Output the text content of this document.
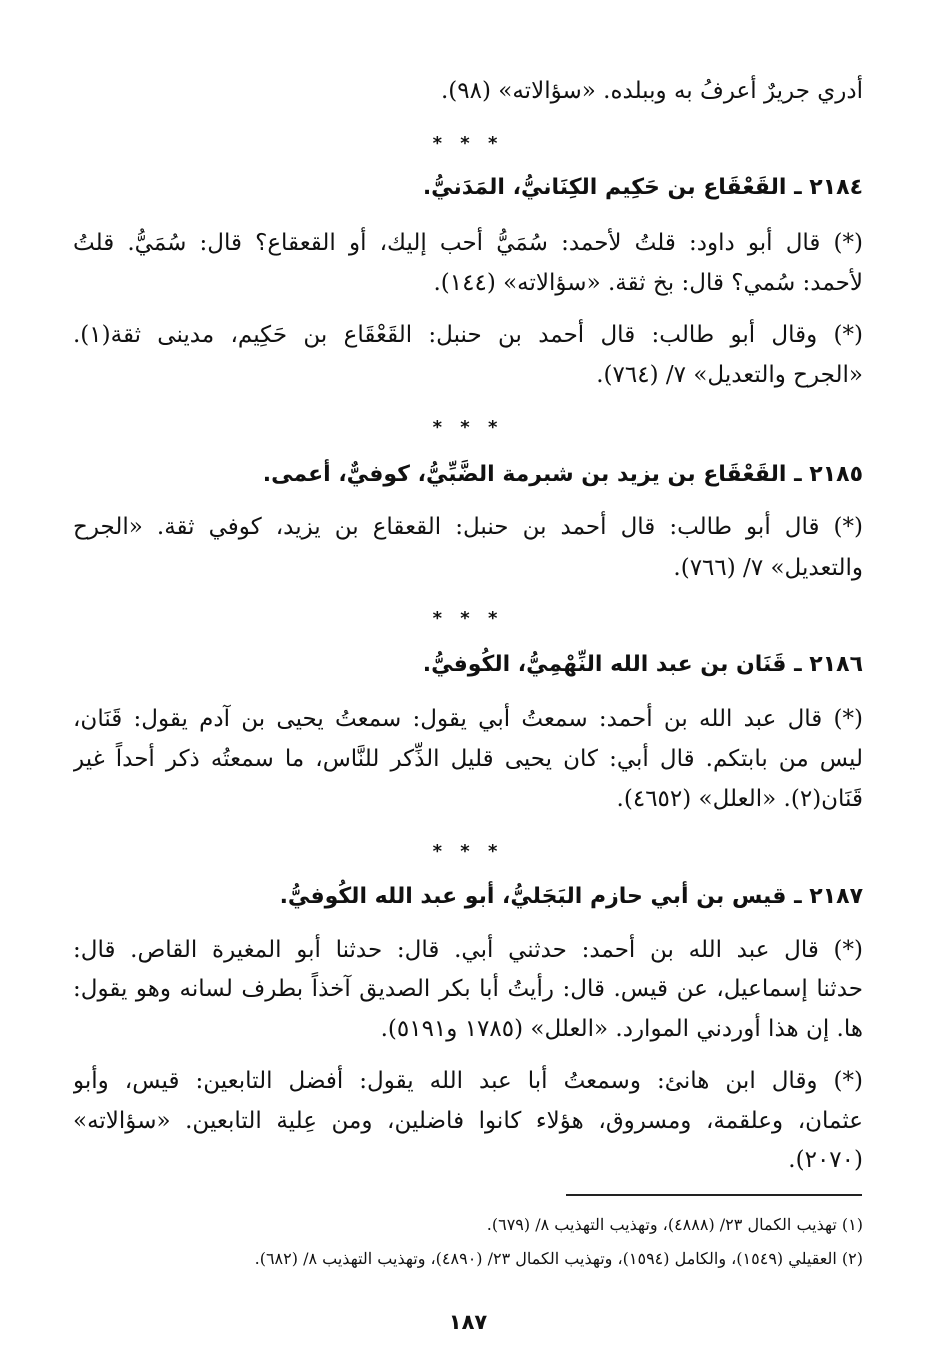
أدري جريرٌ أعرفُ به وببلده. «سؤالاته» (٩٨).
* * *
٢١٨٤ ـ القَعْقَاع بن حَكِيم الكِنَانيُّ، المَدَنيُّ.
(*) قال أبو داود: قلتُ لأحمد: سُمَيُّ أحب إليك، أو القعقاع؟ قال: سُمَيُّ. قلتُ
لأحمد: سُمي؟ قال: بخ ثقة. «سؤالاته» (١٤٤).
(*) وقال أبو طالب: قال أحمد بن حنبل: القَعْقَاع بن حَكِيم، مدينى ثقة(١).
«الجرح والتعديل» ٧/ (٧٦٤).
* * *
٢١٨٥ ـ القَعْقَاع بن يزيد بن شبرمة الضَّبِّيُّ، كوفيٌّ، أعمى.
(*) قال أبو طالب: قال أحمد بن حنبل: القعقاع بن يزيد، كوفي ثقة. «الجرح
والتعديل» ٧/ (٧٦٦).
* * *
٢١٨٦ ـ قَنَان بن عبد الله النِّهْمِيُّ، الكُوفيُّ.
(*) قال عبد الله بن أحمد: سمعتُ أبي يقول: سمعتُ يحيى بن آدم يقول: قَنَان،
ليس من بابتكم. قال أبي: كان يحيى قليل الذِّكر للنَّاس، ما سمعتُه ذكر أحداً غير
قَنَان(٢). «العلل» (٤٦٥٢).
* * *
٢١٨٧ ـ قيس بن أبي حازم البَجَليُّ، أبو عبد الله الكُوفيُّ.
(*) قال عبد الله بن أحمد: حدثني أبي. قال: حدثنا أبو المغيرة القاص. قال:
حدثنا إسماعيل، عن قيس. قال: رأيتُ أبا بكر الصديق آخذاً بطرف لسانه وهو يقول:
ها. إن هذا أوردني الموارد. «العلل» (١٧٨٥ و٥١٩١).
(*) وقال ابن هانئ: وسمعتُ أبا عبد الله يقول: أفضل التابعين: قيس، وأبو
عثمان، وعلقمة، ومسروق، هؤلاء كانوا فاضلين، ومن عِلية التابعين. «سؤالاته»
(٢٠٧٠).
(١) تهذيب الكمال ٢٣/ (٤٨٨٨)، وتهذيب التهذيب ٨/ (٦٧٩).
(٢) العقيلي (١٥٤٩)، والكامل (١٥٩٤)، وتهذيب الكمال ٢٣/ (٤٨٩٠)، وتهذيب التهذيب ٨/ (٦٨٢).
١٨٧
